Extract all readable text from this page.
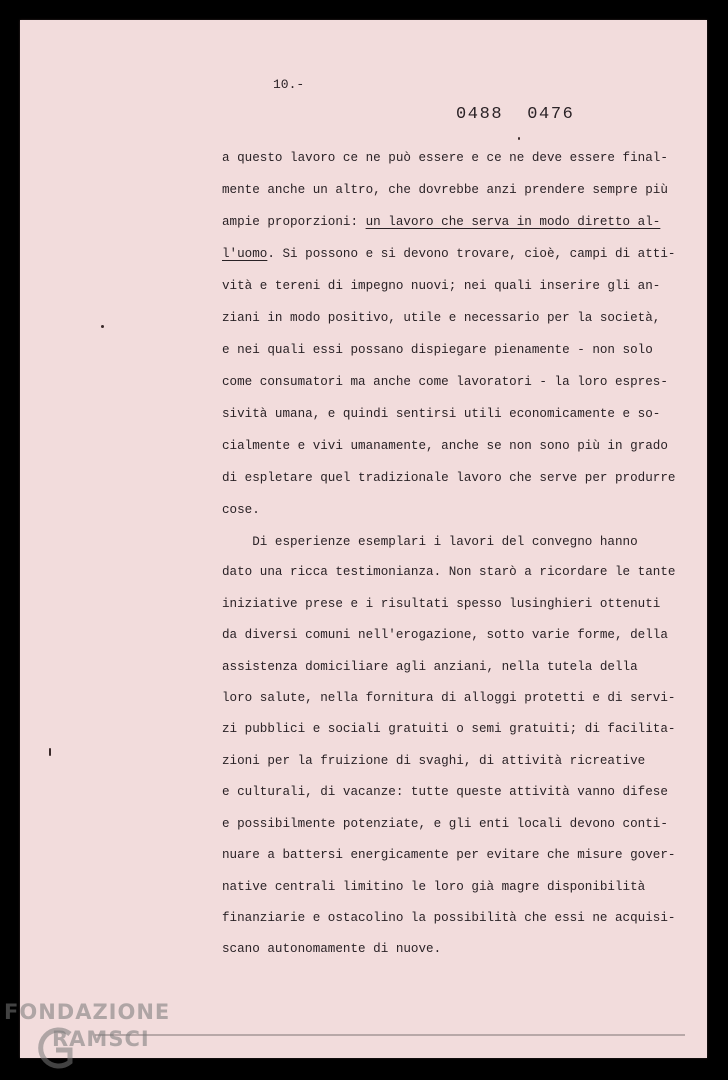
10.-
0488 0476
a questo lavoro ce ne può essere e ce ne deve essere final-
mente anche un altro, che dovrebbe anzi prendere sempre più
ampie proporzioni: un lavoro che serva in modo diretto al-
l'uomo. Si possono e si devono trovare, cioè, campi di atti-
vità e tereni di impegno nuovi; nei quali inserire gli an-
ziani in modo positivo, utile e necessario per la società,
e nei quali essi possano dispiegare pienamente - non solo
come consumatori ma anche come lavoratori - la loro espres-
sività umana, e quindi sentirsi utili economicamente e so-
cialmente e vivi umanamente, anche se non sono più in grado
di espletare quel tradizionale lavoro che serve per produrre
cose.
Di esperienze esemplari i lavori del convegno hanno
dato una ricca testimonianza. Non starò a ricordare le tante
iniziative prese e i risultati spesso lusinghieri ottenuti
da diversi comuni nell'erogazione, sotto varie forme, della
assistenza domiciliare agli anziani, nella tutela della
loro salute, nella fornitura di alloggi protetti e di servi-
zi pubblici e sociali gratuiti o semi gratuiti; di facilita-
zioni per la fruizione di svaghi, di attività ricreative
e culturali, di vacanze: tutte queste attività vanno difese
e possibilmente potenziate, e gli enti locali devono conti-
nuare a battersi energicamente per evitare che misure gover-
native centrali limitino le loro già magre disponibilità
finanziarie e ostacolino la possibilità che essi ne acquisi-
scano autonomamente di nuove.
FONDAZIONE
RAMSCI
